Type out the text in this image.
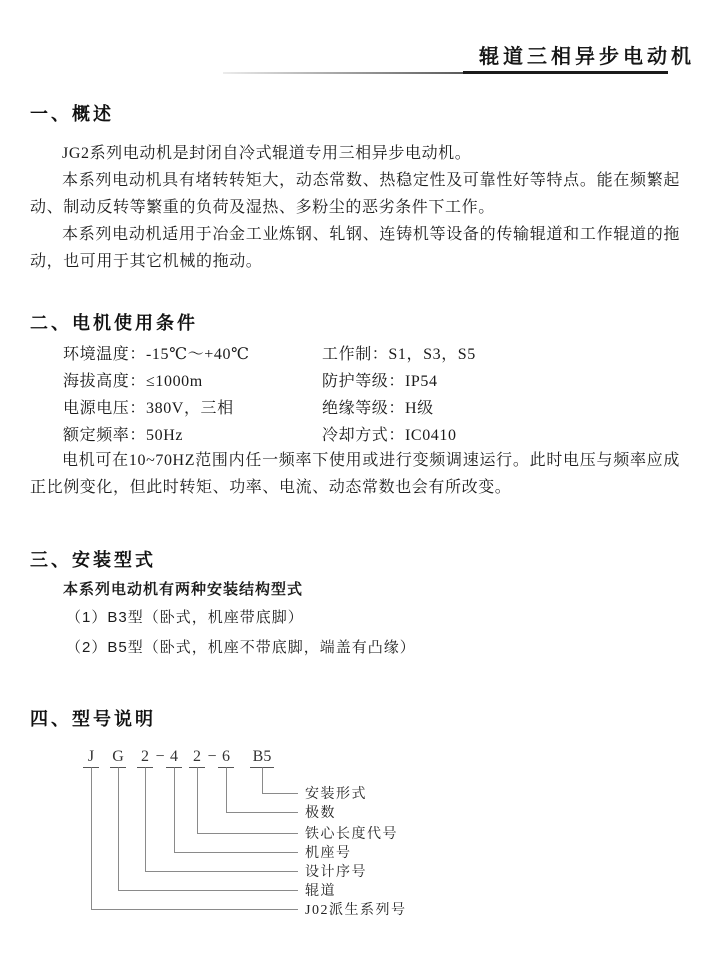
辊道三相异步电动机
一、概述

JG2系列电动机是封闭自冷式辊道专用三相异步电动机。

本系列电动机具有堵转转矩大，动态常数、热稳定性及可靠性好等特点。能在频繁起动、制动反转等繁重的负荷及湿热、多粉尘的恶劣条件下工作。

本系列电动机适用于冶金工业炼钢、轧钢、连铸机等设备的传输辊道和工作辊道的拖动，也可用于其它机械的拖动。

二、电机使用条件
环境温度：-15℃～+40℃	工作制：S1，S3，S5
海拔高度：≤1000m	防护等级：IP54
电源电压：380V，三相	绝缘等级：H级
额定频率：50Hz	冷却方式：IC0410

电机可在10~70HZ范围内任一频率下使用或进行变频调速运行。此时电压与频率应成正比例变化，但此时转矩、功率、电流、动态常数也会有所改变。

三、安装型式
本系列电动机有两种安装结构型式
（1）B3型（卧式，机座带底脚）
（2）B5型（卧式，机座不带底脚，端盖有凸缘）
四、型号说明
J G 2 − 4 2 − 6 B5
安装形式
极数
铁心长度代号
机座号
设计序号
辊道
J02派生系列号
